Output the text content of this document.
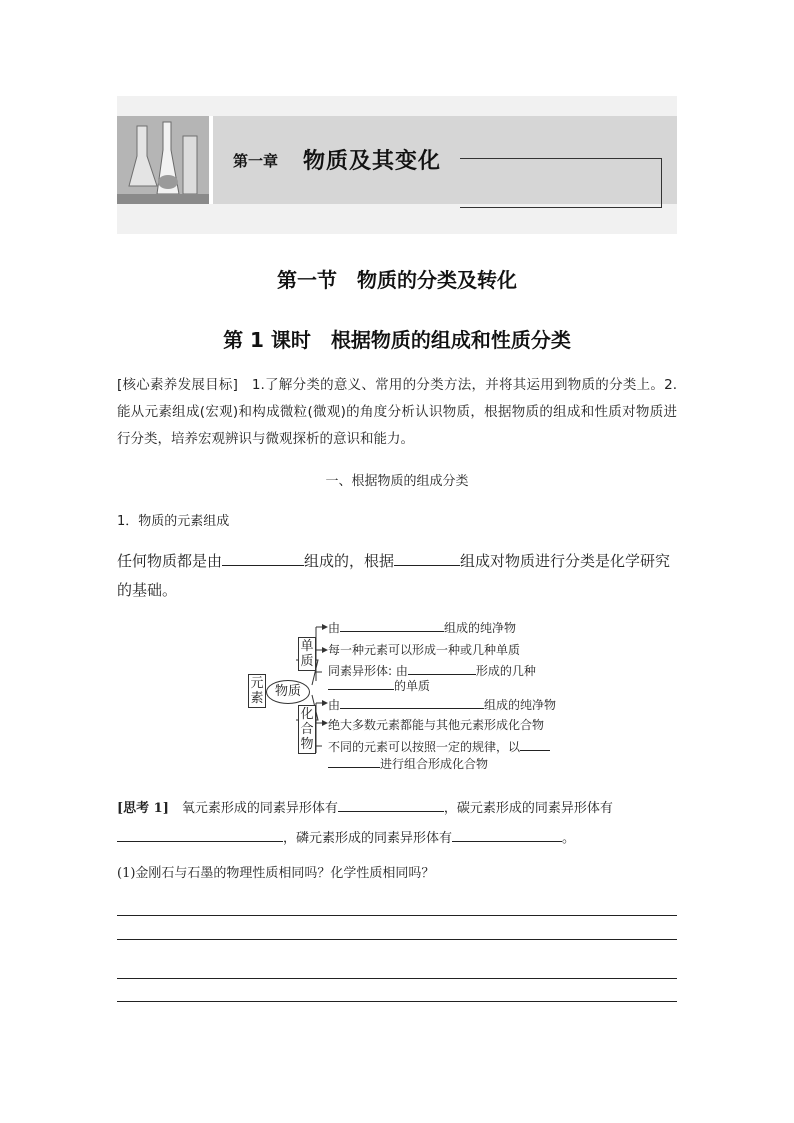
第一章 物质及其变化
第一节　物质的分类及转化
第 1 课时　根据物质的组成和性质分类
[核心素养发展目标]　1.了解分类的意义、常用的分类方法，并将其运用到物质的分类上。2.能从元素组成(宏观)和构成微粒(微观)的角度分析认识物质，根据物质的组成和性质对物质进行分类，培养宏观辨识与微观探析的意识和能力。
一、根据物质的组成分类
1．物质的元素组成
任何物质都是由	组成的，根据	组成对物质进行分类是化学研究的基础。
元素 物质
单质
化合物
由	组成的纯净物
每一种元素可以形成一种或几种单质
同素异形体: 由	形成的几种
的单质
由	组成的纯净物
绝大多数元素都能与其他元素形成化合物
不同的元素可以按照一定的规律，以
进行组合形成化合物
[思考 1]　氧元素形成的同素异形体有	，碳元素形成的同素异形体有，磷元素形成的同素异形体有	。
(1)金刚石与石墨的物理性质相同吗？化学性质相同吗？
